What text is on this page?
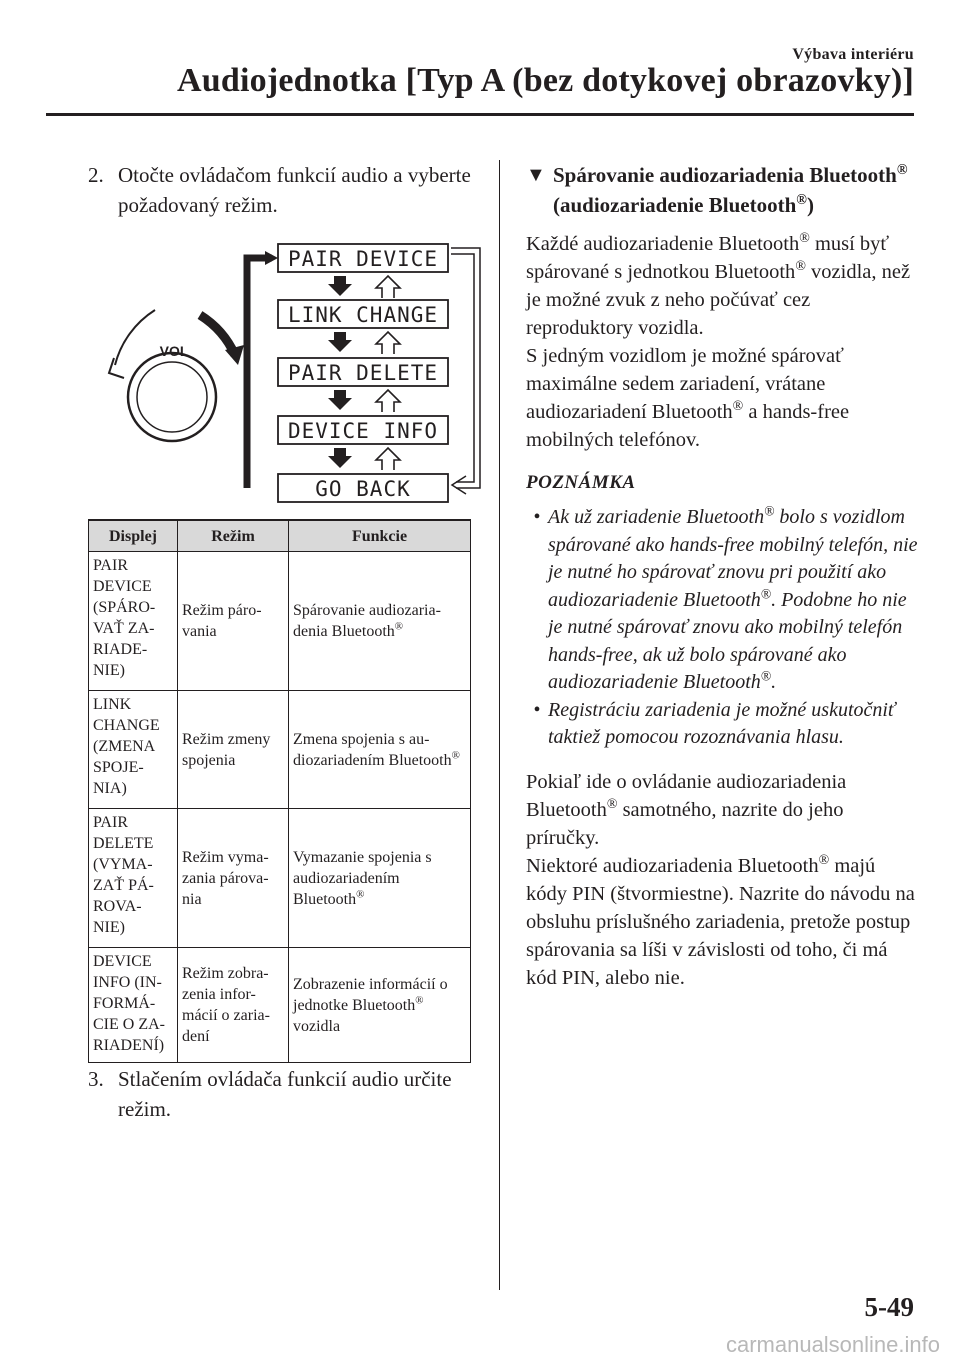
Výbava interiéru
Audiojednotka [Typ A (bez dotykovej obrazovky)]
2. Otočte ovládačom funkcií audio a vyberte požadovaný režim.
VOL
PAIR DEVICE
LINK CHANGE
PAIR DELETE
DEVICE INFO
GO BACK
Displej	Režim	Funkcie
PAIR DEVICE (SPÁRO-VAŤ ZA-RIADE-NIE)	Režim páro-vania	Spárovanie audiozaria-denia Bluetooth®
LINK CHANGE (ZMENA SPOJE-NIA)	Režim zmeny spojenia	Zmena spojenia s au-diozariadením Bluetooth®
PAIR DELETE (VYMA-ZAŤ PÁ-ROVA-NIE)	Režim vyma-zania párova-nia	Vymazanie spojenia s audiozariadením Bluetooth®
DEVICE INFO (IN-FORMÁ-CIE O ZA-RIADENÍ)	Režim zobra-zenia infor-mácií o zaria-dení	Zobrazenie informácií o jednotke Bluetooth® vozidla
3. Stlačením ovládača funkcií audio určite režim.
▼ Spárovanie audiozariadenia Bluetooth® (audiozariadenie Bluetooth®)

Každé audiozariadenie Bluetooth® musí byť spárované s jednotkou Bluetooth® vozidla, než je možné zvuk z neho počúvať cez reproduktory vozidla.

S jedným vozidlom je možné spárovať maximálne sedem zariadení, vrátane audiozariadení Bluetooth® a hands-free mobilných telefónov.

POZNÁMKA
• Ak už zariadenie Bluetooth® bolo s vozidlom spárované ako hands-free mobilný telefón, nie je nutné ho spárovať znovu pri použití ako audiozariadenie Bluetooth®. Podobne ho nie je nutné spárovať znovu ako mobilný telefón hands-free, ak už bolo spárované ako audiozariadenie Bluetooth®.
• Registráciu zariadenia je možné uskutočniť taktiež pomocou rozoznávania hlasu.

Pokiaľ ide o ovládanie audiozariadenia Bluetooth® samotného, nazrite do jeho príručky.

Niektoré audiozariadenia Bluetooth® majú kódy PIN (štvormiestne). Nazrite do návodu na obsluhu príslušného zariadenia, pretože postup spárovania sa líši v závislosti od toho, či má kód PIN, alebo nie.

5-49
carmanualsonline.info
